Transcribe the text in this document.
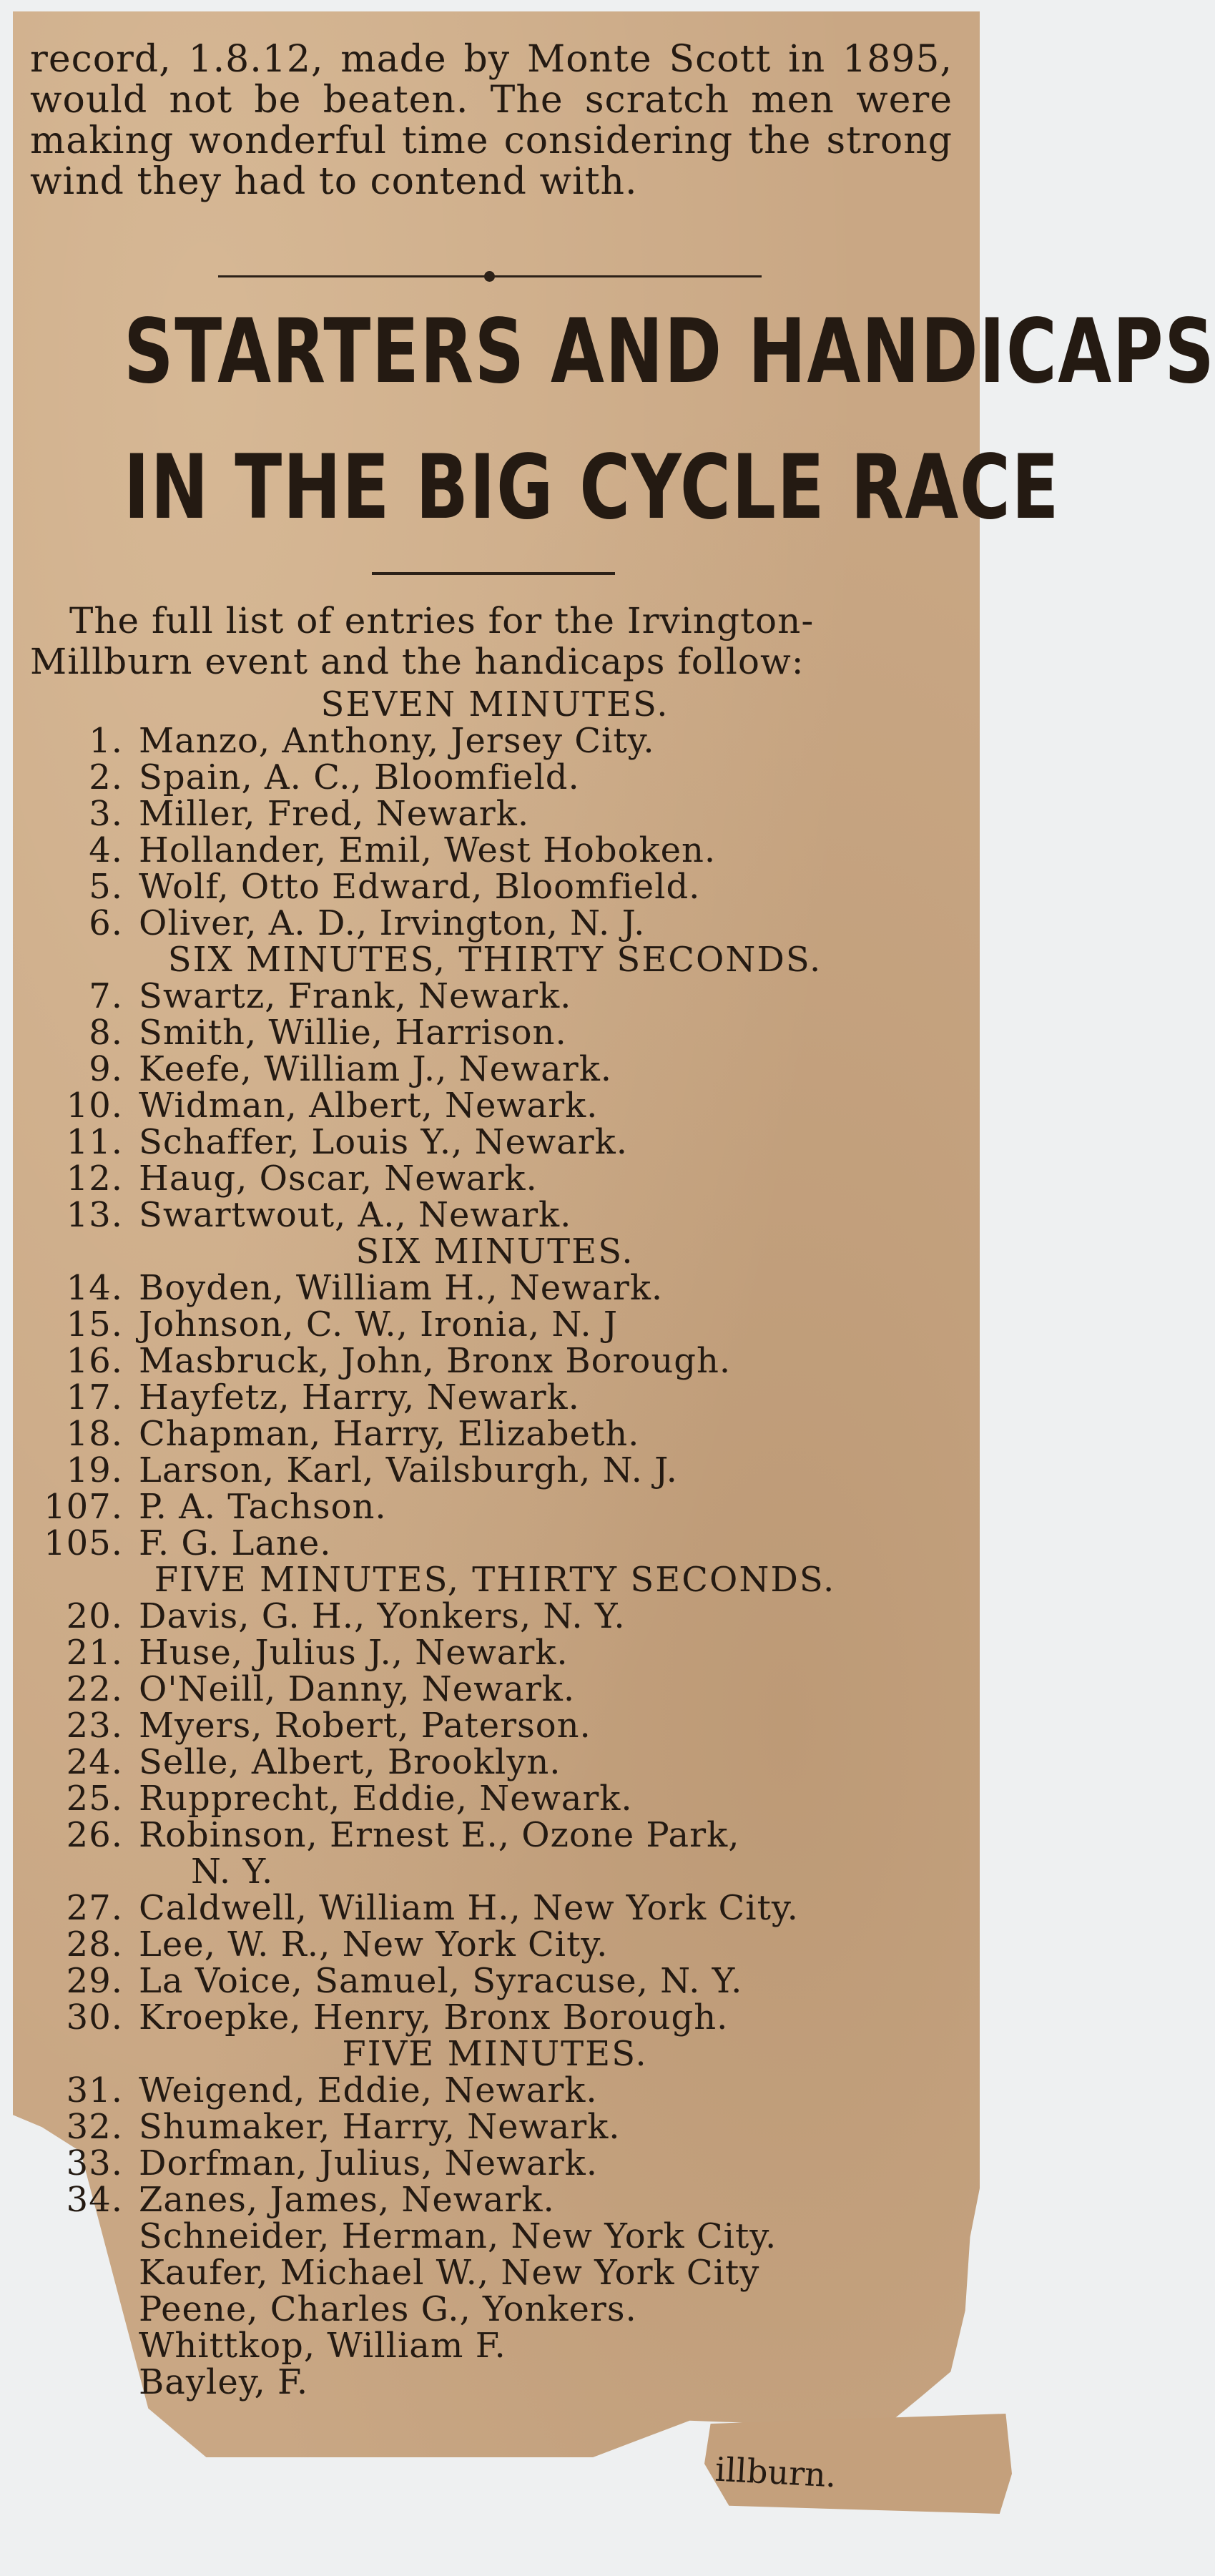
illburn.
record, 1.8.12, made by Monte Scott in 1895, would not be beaten. The scratch men were making wonderful time considering the strong wind they had to contend with.
STARTERS AND HANDICAPS
IN THE BIG CYCLE RACE
The full list of entries for the Irvington-
Millburn event and the handicaps follow:
SEVEN MINUTES.
1. Manzo, Anthony, Jersey City.
2. Spain, A. C., Bloomfield.
3. Miller, Fred, Newark.
4. Hollander, Emil, West Hoboken.
5. Wolf, Otto Edward, Bloomfield.
6. Oliver, A. D., Irvington, N. J.
SIX MINUTES, THIRTY SECONDS.
7. Swartz, Frank, Newark.
8. Smith, Willie, Harrison.
9. Keefe, William J., Newark.
10. Widman, Albert, Newark.
11. Schaffer, Louis Y., Newark.
12. Haug, Oscar, Newark.
13. Swartwout, A., Newark.
SIX MINUTES.
14. Boyden, William H., Newark.
15. Johnson, C. W., Ironia, N. J
16. Masbruck, John, Bronx Borough.
17. Hayfetz, Harry, Newark.
18. Chapman, Harry, Elizabeth.
19. Larson, Karl, Vailsburgh, N. J.
107. P. A. Tachson.
105. F. G. Lane.
FIVE MINUTES, THIRTY SECONDS.
20. Davis, G. H., Yonkers, N. Y.
21. Huse, Julius J., Newark.
22. O'Neill, Danny, Newark.
23. Myers, Robert, Paterson.
24. Selle, Albert, Brooklyn.
25. Rupprecht, Eddie, Newark.
26. Robinson, Ernest E., Ozone Park,
N. Y.
27. Caldwell, William H., New York City.
28. Lee, W. R., New York City.
29. La Voice, Samuel, Syracuse, N. Y.
30. Kroepke, Henry, Bronx Borough.
FIVE MINUTES.
31. Weigend, Eddie, Newark.
32. Shumaker, Harry, Newark.
33. Dorfman, Julius, Newark.
34. Zanes, James, Newark.
Schneider, Herman, New York City.
Kaufer, Michael W., New York City
Peene, Charles G., Yonkers.
Whittkop, William F.
Bayley, F.
